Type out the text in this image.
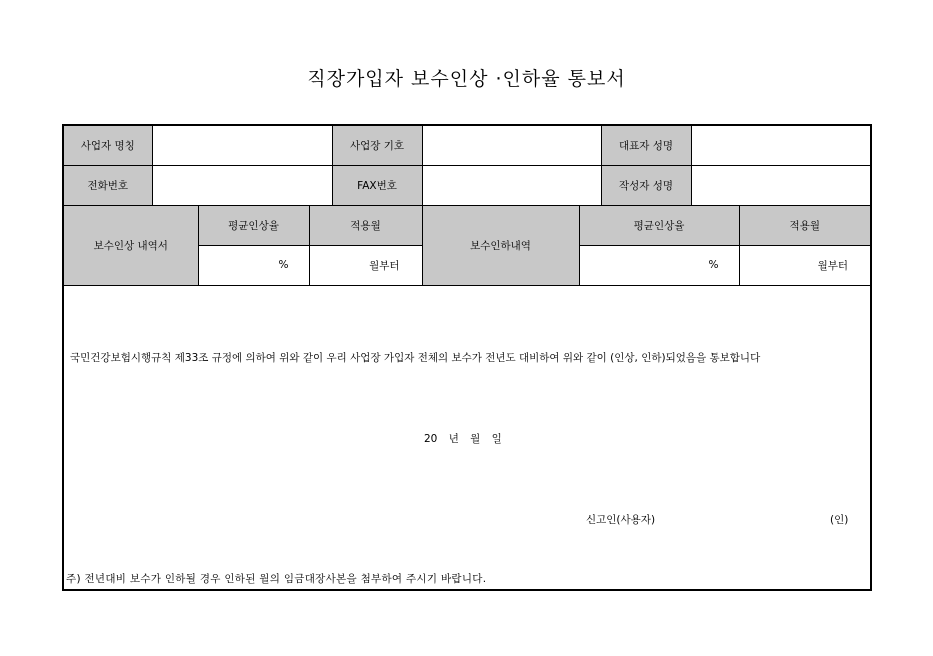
직장가입자 보수인상 ·인하율 통보서
사업자 명칭				사업장 기호			대표자 성명		
전화번호				FAX번호			작성자 성명		
보수인상 내역서		평균인상율	적용월		보수인하내역	평균인상율			적용월
		%	월부터			%			월부터

국민건강보험시행규칙 제33조 규정에 의하여 위와 같이 우리 사업장 가입자 전체의 보수가 전년도 대비하여 위와 같이 (인상, 인하)되었음을 통보합니다
20 년 월 일
신고인(사용자) (인)
주) 전년대비 보수가 인하될 경우 인하된 월의 임금대장사본을 첨부하여 주시기 바랍니다.									
